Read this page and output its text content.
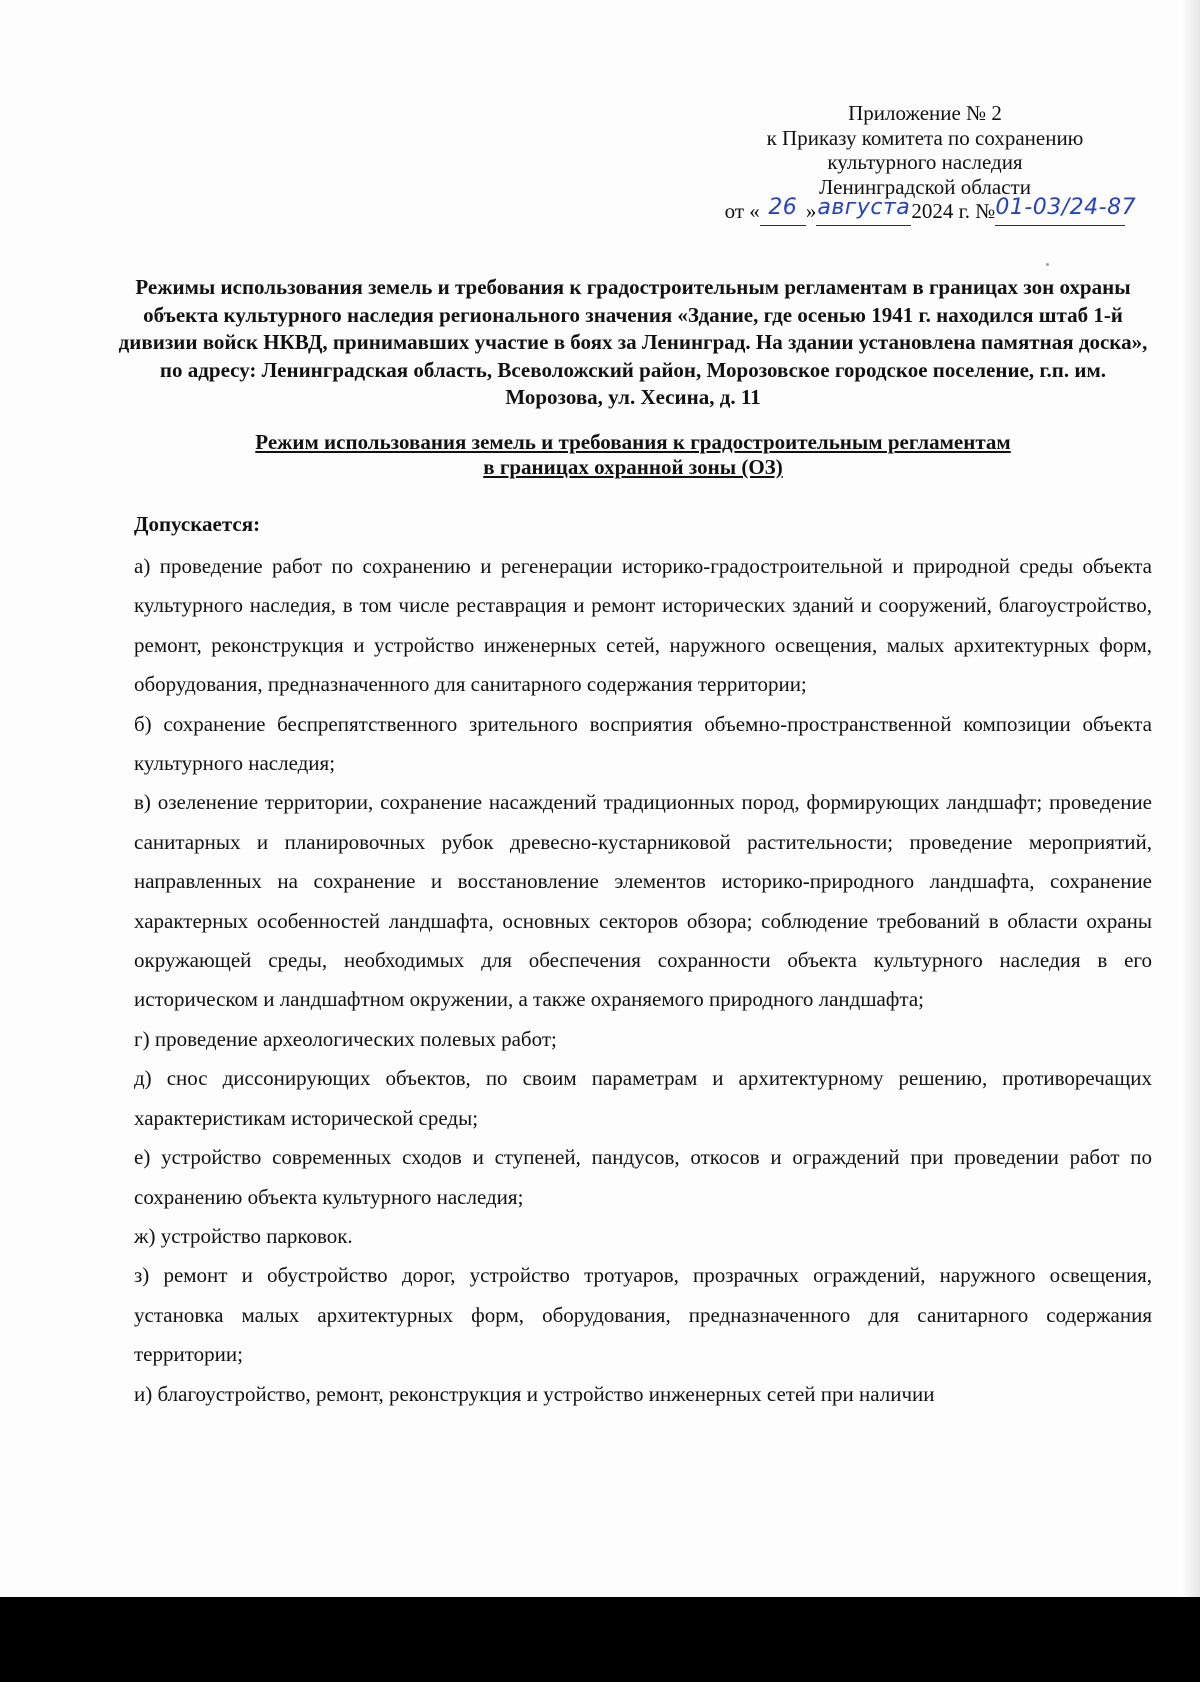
Приложение № 2
к Приказу комитета по сохранению
культурного наследия
Ленинградской области
от « 26 »августа2024 г. №01-03/24-87
Режимы использования земель и требования к градостроительным регламентам в границах зон охраны объекта культурного наследия регионального значения «Здание, где осенью 1941 г. находился штаб 1-й дивизии войск НКВД, принимавших участие в боях за Ленинград. На здании установлена памятная доска», по адресу: Ленинградская область, Всеволожский район, Морозовское городское поселение, г.п. им. Морозова, ул. Хесина, д. 11
Режим использования земель и требования к градостроительным регламентам
в границах охранной зоны (ОЗ)

Допускается:

а) проведение работ по сохранению и регенерации историко-градостроительной и природной среды объекта культурного наследия, в том числе реставрация и ремонт исторических зданий и сооружений, благоустройство, ремонт, реконструкция и устройство инженерных сетей, наружного освещения, малых архитектурных форм, оборудования, предназначенного для санитарного содержания территории;
б) сохранение беспрепятственного зрительного восприятия объемно-пространственной композиции объекта культурного наследия;
в) озеленение территории, сохранение насаждений традиционных пород, формирующих ландшафт; проведение санитарных и планировочных рубок древесно-кустарниковой растительности; проведение мероприятий, направленных на сохранение и восстановление элементов историко-природного ландшафта, сохранение характерных особенностей ландшафта, основных секторов обзора; соблюдение требований в области охраны окружающей среды, необходимых для обеспечения сохранности объекта культурного наследия в его историческом и ландшафтном окружении, а также охраняемого природного ландшафта;
г) проведение археологических полевых работ;
д) снос диссонирующих объектов, по своим параметрам и архитектурному решению, противоречащих характеристикам исторической среды;
е) устройство современных сходов и ступеней, пандусов, откосов и ограждений при проведении работ по сохранению объекта культурного наследия;
ж) устройство парковок.
з) ремонт и обустройство дорог, устройство тротуаров, прозрачных ограждений, наружного освещения, установка малых архитектурных форм, оборудования, предназначенного для санитарного содержания территории;
и) благоустройство, ремонт, реконструкция и устройство инженерных сетей при наличии
